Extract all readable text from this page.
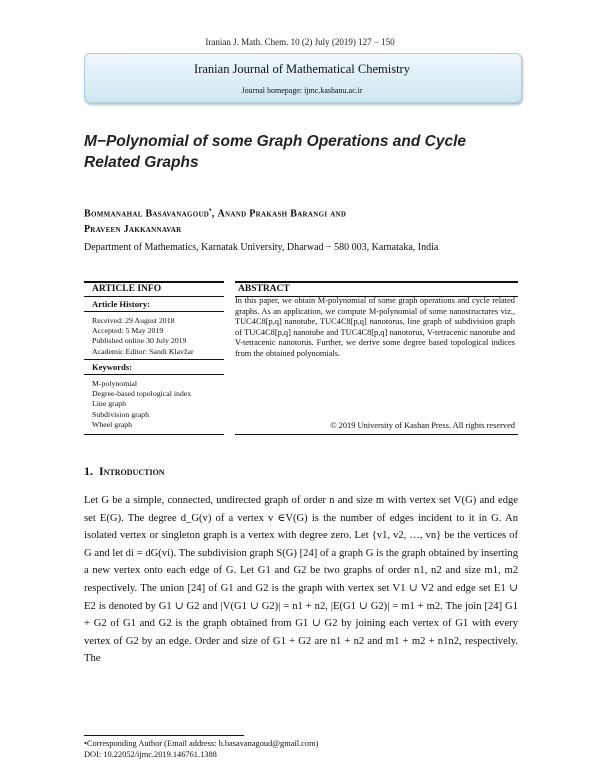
Iranian J. Math. Chem. 10 (2) July (2019) 127 − 150
Iranian Journal of Mathematical Chemistry
Journal homepage: ijmc.kashanu.ac.ir
M−Polynomial of some Graph Operations and Cycle
Related Graphs
Bommanahal Basavanagoud•, Anand Prakash Barangi and
Praveen Jakkannavar
Department of Mathematics, Karnatak University, Dharwad − 580 003, Karnataka, India
ARTICLE INFO	ABSTRACT
Article History:
Received: 29 August 2018
Accepted: 5 May 2019
Published online 30 July 2019
Academic Editor: Sandi Klavžar
Keywords:
M-polynomial
Degree-based topological index
Line graph
Subdivision graph
Wheel graph
In this paper, we obtain M-polynomial of some graph operations and cycle related graphs. As an application, we compute M-polynomial of some nanostructures viz., TUC4C8[p,q] nanotube, TUC4C8[p,q] nanotorus, line graph of subdivision graph of TUC4C8[p,q] nanotube and TUC4C8[p,q] nanotorus, V-tetracenic nanotube and V-tetracenic nanotorus. Further, we derive some degree based topological indices from the obtained polynomials.
© 2019 University of Kashan Press. All rights reserved
1. Introduction

Let G be a simple, connected, undirected graph of order n and size m with vertex set V(G) and edge set E(G). The degree d_G(v) of a vertex v ∈V(G) is the number of edges incident to it in G. An isolated vertex or singleton graph is a vertex with degree zero. Let {v1, v2, …, vn} be the vertices of G and let di = dG(vi). The subdivision graph S(G) [24] of a graph G is the graph obtained by inserting a new vertex onto each edge of G. Let G1 and G2 be two graphs of order n1, n2 and size m1, m2 respectively. The union [24] of G1 and G2 is the graph with vertex set V1 ∪ V2 and edge set E1 ∪ E2 is denoted by G1 ∪ G2 and |V(G1 ∪ G2)| = n1 + n2, |E(G1 ∪ G2)| = m1 + m2. The join [24] G1 + G2 of G1 and G2 is the graph obtained from G1 ∪ G2 by joining each vertex of G1 with every vertex of G2 by an edge. Order and size of G1 + G2 are n1 + n2 and m1 + m2 + n1n2, respectively. The

•Corresponding Author (Email address: b.basavanagoud@gmail.com)
DOI: 10.22052/ijmc.2019.146761.1388
